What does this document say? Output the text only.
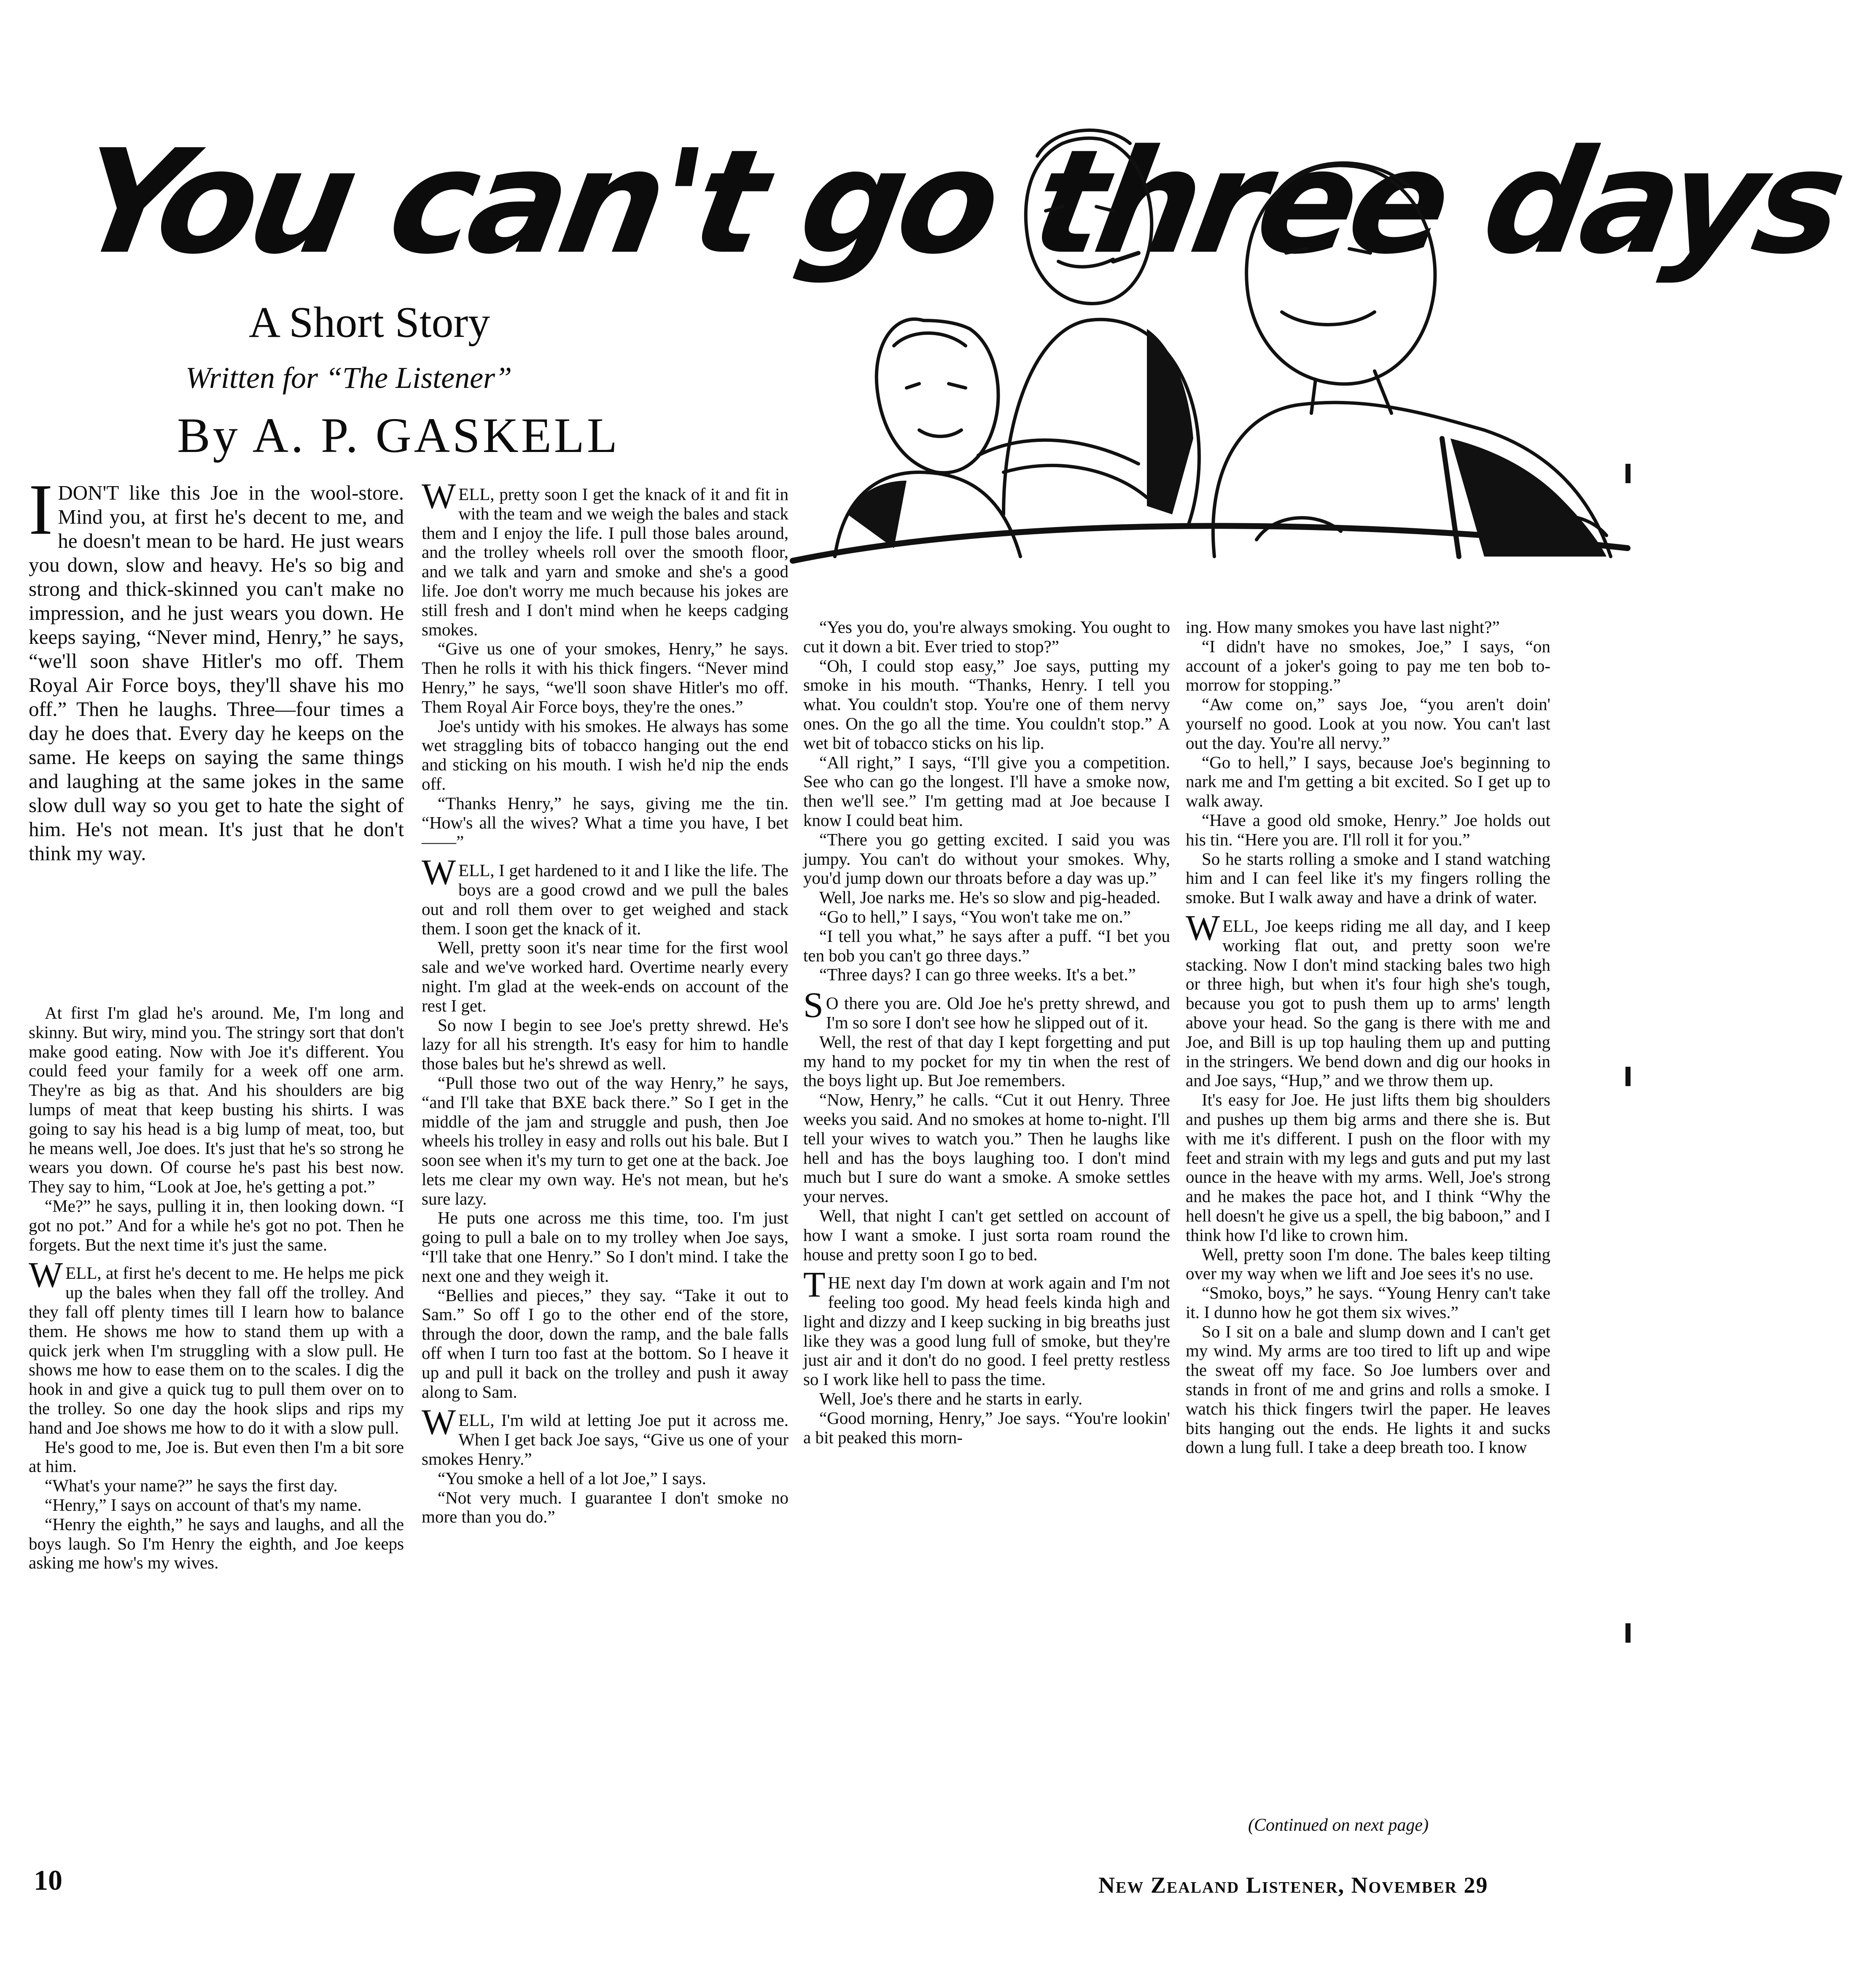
You can't go three days
A Short Story
Written for “The Listener”
By A. P. GASKELL
I DON'T like this Joe in the wool-store. Mind you, at first he's decent to me, and he doesn't mean to be hard. He just wears you down, slow and heavy. He's so big and strong and thick-skinned you can't make no impression, and he just wears you down. He keeps saying, “Never mind, Henry,” he says, “we'll soon shave Hitler's mo off. Them Royal Air Force boys, they'll shave his mo off.” Then he laughs. Three—four times a day he does that. Every day he keeps on the same. He keeps on saying the same things and laughing at the same jokes in the same slow dull way so you get to hate the sight of him. He's not mean. It's just that he don't think my way.

At first I'm glad he's around. Me, I'm long and skinny. But wiry, mind you. The stringy sort that don't make good eating. Now with Joe it's different. You could feed your family for a week off one arm. They're as big as that. And his shoulders are big lumps of meat that keep busting his shirts. I was going to say his head is a big lump of meat, too, but he means well, Joe does. It's just that he's so strong he wears you down. Of course he's past his best now. They say to him, “Look at Joe, he's getting a pot.”

“Me?” he says, pulling it in, then looking down. “I got no pot.” And for a while he's got no pot. Then he forgets. But the next time it's just the same.

WELL, at first he's decent to me. He helps me pick up the bales when they fall off the trolley. And they fall off plenty times till I learn how to balance them. He shows me how to stand them up with a quick jerk when I'm struggling with a slow pull. He shows me how to ease them on to the scales. I dig the hook in and give a quick tug to pull them over on to the trolley. So one day the hook slips and rips my hand and Joe shows me how to do it with a slow pull.

He's good to me, Joe is. But even then I'm a bit sore at him.

“What's your name?” he says the first day.

“Henry,” I says on account of that's my name.

“Henry the eighth,” he says and laughs, and all the boys laugh. So I'm Henry the eighth, and Joe keeps asking me how's my wives.

WELL, pretty soon I get the knack of it and fit in with the team and we weigh the bales and stack them and I enjoy the life. I pull those bales around, and the trolley wheels roll over the smooth floor, and we talk and yarn and smoke and she's a good life. Joe don't worry me much because his jokes are still fresh and I don't mind when he keeps cadging smokes.

“Give us one of your smokes, Henry,” he says. Then he rolls it with his thick fingers. “Never mind Henry,” he says, “we'll soon shave Hitler's mo off. Them Royal Air Force boys, they're the ones.”

Joe's untidy with his smokes. He always has some wet straggling bits of tobacco hanging out the end and sticking on his mouth. I wish he'd nip the ends off.

“Thanks Henry,” he says, giving me the tin. “How's all the wives? What a time you have, I bet ——”

WELL, I get hardened to it and I like the life. The boys are a good crowd and we pull the bales out and roll them over to get weighed and stack them. I soon get the knack of it.

Well, pretty soon it's near time for the first wool sale and we've worked hard. Overtime nearly every night. I'm glad at the week-ends on account of the rest I get.

So now I begin to see Joe's pretty shrewd. He's lazy for all his strength. It's easy for him to handle those bales but he's shrewd as well.

“Pull those two out of the way Henry,” he says, “and I'll take that BXE back there.” So I get in the middle of the jam and struggle and push, then Joe wheels his trolley in easy and rolls out his bale. But I soon see when it's my turn to get one at the back. Joe lets me clear my own way. He's not mean, but he's sure lazy.

He puts one across me this time, too. I'm just going to pull a bale on to my trolley when Joe says, “I'll take that one Henry.” So I don't mind. I take the next one and they weigh it.

“Bellies and pieces,” they say. “Take it out to Sam.” So off I go to the other end of the store, through the door, down the ramp, and the bale falls off when I turn too fast at the bottom. So I heave it up and pull it back on the trolley and push it away along to Sam.

WELL, I'm wild at letting Joe put it across me. When I get back Joe says, “Give us one of your smokes Henry.”

“You smoke a hell of a lot Joe,” I says.

“Not very much. I guarantee I don't smoke no more than you do.”

“Yes you do, you're always smoking. You ought to cut it down a bit. Ever tried to stop?”

“Oh, I could stop easy,” Joe says, putting my smoke in his mouth. “Thanks, Henry. I tell you what. You couldn't stop. You're one of them nervy ones. On the go all the time. You couldn't stop.” A wet bit of tobacco sticks on his lip.

“All right,” I says, “I'll give you a competition. See who can go the longest. I'll have a smoke now, then we'll see.” I'm getting mad at Joe because I know I could beat him.

“There you go getting excited. I said you was jumpy. You can't do without your smokes. Why, you'd jump down our throats before a day was up.”

Well, Joe narks me. He's so slow and pig-headed.

“Go to hell,” I says, “You won't take me on.”

“I tell you what,” he says after a puff. “I bet you ten bob you can't go three days.”

“Three days? I can go three weeks. It's a bet.”

SO there you are. Old Joe he's pretty shrewd, and I'm so sore I don't see how he slipped out of it.

Well, the rest of that day I kept forgetting and put my hand to my pocket for my tin when the rest of the boys light up. But Joe remembers.

“Now, Henry,” he calls. “Cut it out Henry. Three weeks you said. And no smokes at home to-night. I'll tell your wives to watch you.” Then he laughs like hell and has the boys laughing too. I don't mind much but I sure do want a smoke. A smoke settles your nerves.

Well, that night I can't get settled on account of how I want a smoke. I just sorta roam round the house and pretty soon I go to bed.

THE next day I'm down at work again and I'm not feeling too good. My head feels kinda high and light and dizzy and I keep sucking in big breaths just like they was a good lung full of smoke, but they're just air and it don't do no good. I feel pretty restless so I work like hell to pass the time.

Well, Joe's there and he starts in early.

“Good morning, Henry,” Joe says. “You're lookin' a bit peaked this morn-

ing. How many smokes you have last night?”

“I didn't have no smokes, Joe,” I says, “on account of a joker's going to pay me ten bob to-morrow for stopping.”

“Aw come on,” says Joe, “you aren't doin' yourself no good. Look at you now. You can't last out the day. You're all nervy.”

“Go to hell,” I says, because Joe's beginning to nark me and I'm getting a bit excited. So I get up to walk away.

“Have a good old smoke, Henry.” Joe holds out his tin. “Here you are. I'll roll it for you.”

So he starts rolling a smoke and I stand watching him and I can feel like it's my fingers rolling the smoke. But I walk away and have a drink of water.

WELL, Joe keeps riding me all day, and I keep working flat out, and pretty soon we're stacking. Now I don't mind stacking bales two high or three high, but when it's four high she's tough, because you got to push them up to arms' length above your head. So the gang is there with me and Joe, and Bill is up top hauling them up and putting in the stringers. We bend down and dig our hooks in and Joe says, “Hup,” and we throw them up.

It's easy for Joe. He just lifts them big shoulders and pushes up them big arms and there she is. But with me it's different. I push on the floor with my feet and strain with my legs and guts and put my last ounce in the heave with my arms. Well, Joe's strong and he makes the pace hot, and I think “Why the hell doesn't he give us a spell, the big baboon,” and I think how I'd like to crown him.

Well, pretty soon I'm done. The bales keep tilting over my way when we lift and Joe sees it's no use.

“Smoko, boys,” he says. “Young Henry can't take it. I dunno how he got them six wives.”

So I sit on a bale and slump down and I can't get my wind. My arms are too tired to lift up and wipe the sweat off my face. So Joe lumbers over and stands in front of me and grins and rolls a smoke. I watch his thick fingers twirl the paper. He leaves bits hanging out the ends. He lights it and sucks down a lung full. I take a deep breath too. I know

(Continued on next page)
10	New Zealand Listener, November 29
